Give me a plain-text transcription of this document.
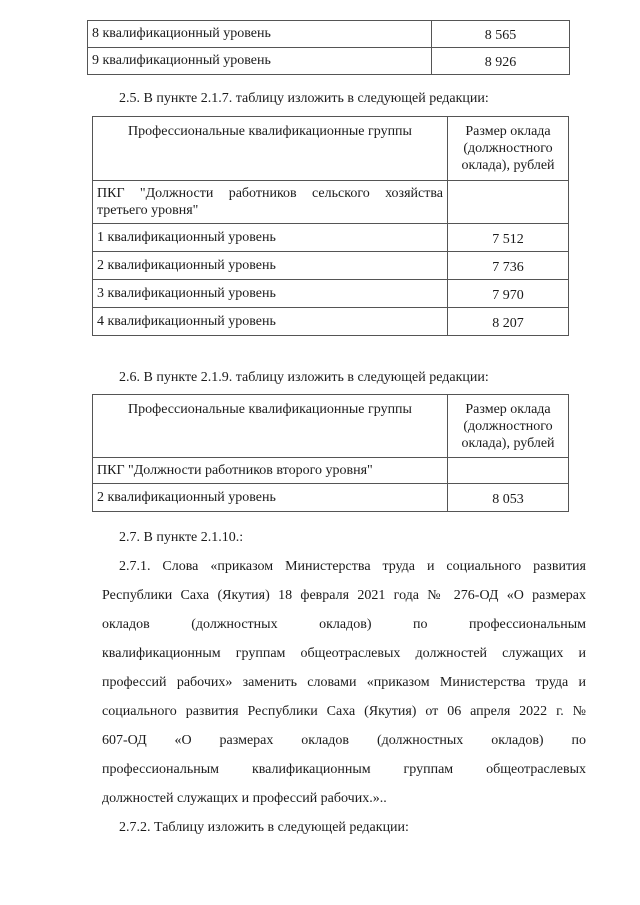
8 квалификационный уровень	8 565
9 квалификационный уровень	8 926
2.5. В пункте 2.1.7. таблицу изложить в следующей редакции:
Профессиональные квалификационные группы	Размер оклада
(должностного
оклада), рублей

ПКГ "Должности работников сельского хозяйства
третьего уровня"	

1 квалификационный уровень	7 512
2 квалификационный уровень	7 736
3 квалификационный уровень	7 970
4 квалификационный уровень	8 207
2.6. В пункте 2.1.9. таблицу изложить в следующей редакции:
Профессиональные квалификационные группы	Размер оклада
(должностного
оклада), рублей

ПКГ "Должности работников второго уровня"	
2 квалификационный уровень	8 053
2.7. В пункте 2.1.10.:
2.7.1. Слова «приказом Министерства труда и социального развития
Республики Саха (Якутия) 18 февраля 2021 года № 276-ОД «О размерах
окладов (должностных окладов) по профессиональным
квалификационным группам общеотраслевых должностей служащих и
профессий рабочих» заменить словами «приказом Министерства труда и
социального развития Республики Саха (Якутия) от 06 апреля 2022 г. №
607-ОД «О размерах окладов (должностных окладов) по
профессиональным квалификационным группам общеотраслевых
должностей служащих и профессий рабочих.»..
2.7.2. Таблицу изложить в следующей редакции:
